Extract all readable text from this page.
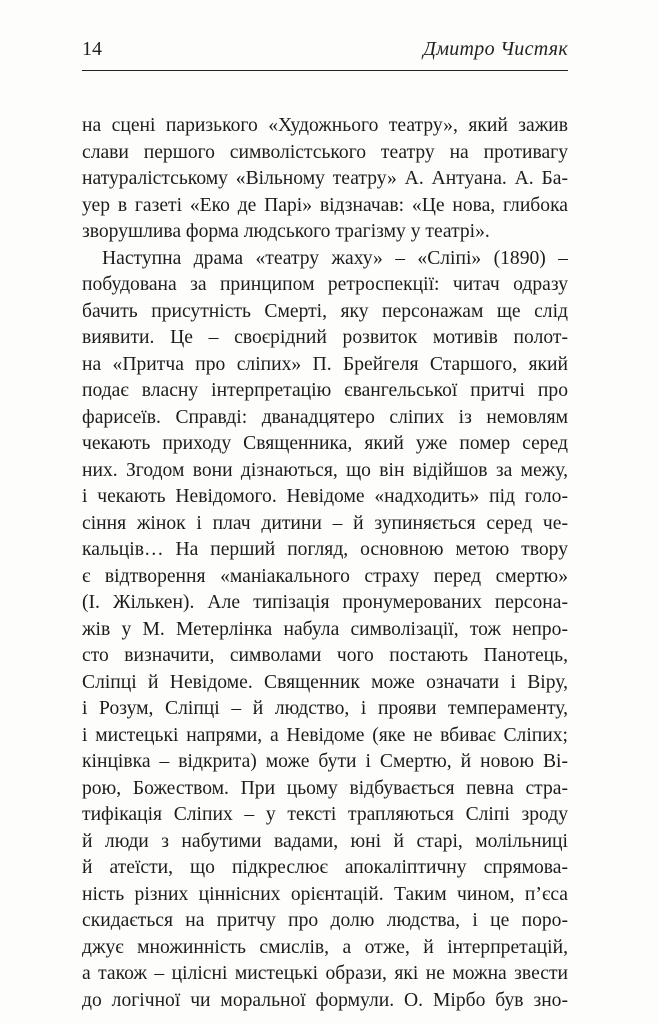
14	Дмитро Чистяк
на сцені паризького «Художнього театру», який зажив
слави першого символістського театру на противагу
натуралістському «Вільному театру» А. Антуана. А. Ба-
уер в газеті «Еко де Парі» відзначав: «Це нова, глибока
зворушлива форма людського трагізму у театрі».
Наступна драма «театру жаху» – «Сліпі» (1890) –
побудована за принципом ретроспекції: читач одразу
бачить присутність Смерті, яку персонажам ще слід
виявити. Це – своєрідний розвиток мотивів полот-
на «Притча про сліпих» П. Брейгеля Старшого, який
подає власну інтерпретацію євангельської притчі про
фарисеїв. Справді: дванадцятеро сліпих із немовлям
чекають приходу Священника, який уже помер серед
них. Згодом вони дізнаються, що він відійшов за межу,
і чекають Невідомого. Невідоме «надходить» під голо-
сіння жінок і плач дитини – й зупиняється серед че-
кальців… На перший погляд, основною метою твору
є відтворення «маніакального страху перед смертю»
(І. Жількен). Але типізація пронумерованих персона-
жів у М. Метерлінка набула символізації, тож непро-
сто визначити, символами чого постають Панотець,
Сліпці й Невідоме. Священник може означати і Віру,
і Розум, Сліпці – й людство, і прояви темпераменту,
і мистецькі напрями, а Невідоме (яке не вбиває Сліпих;
кінцівка – відкрита) може бути і Смертю, й новою Ві-
рою, Божеством. При цьому відбувається певна стра-
тифікація Сліпих – у тексті трапляються Сліпі зроду
й люди з набутими вадами, юні й старі, молільниці
й атеїсти, що підкреслює апокаліптичну спрямова-
ність різних ціннісних орієнтацій. Таким чином, п’єса
скидається на притчу про долю людства, і це поро-
джує множинність смислів, а отже, й інтерпретацій,
а також – цілісні мистецькі образи, які не можна звести
до логічної чи моральної формули. О. Мірбо був зно-
